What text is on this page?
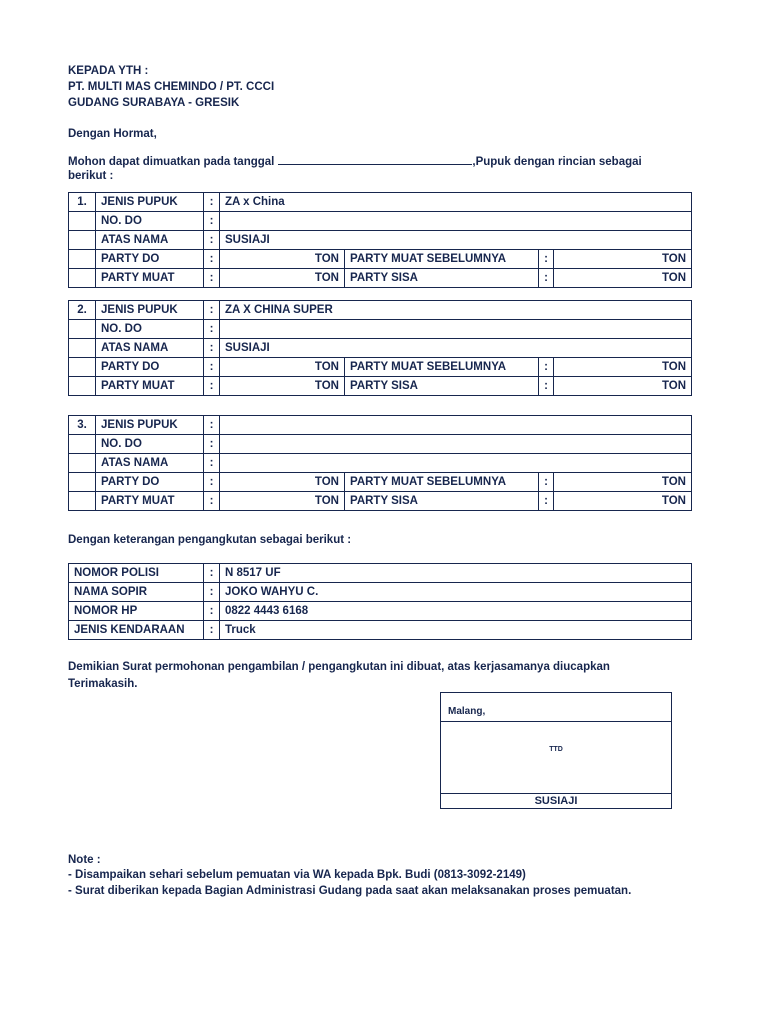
KEPADA YTH :
PT. MULTI MAS CHEMINDO / PT. CCCI
GUDANG SURABAYA - GRESIK
Dengan Hormat,
Mohon dapat dimuatkan pada tanggal	,Pupuk dengan rincian sebagai
berikut :
1.	JENIS PUPUK	:	ZA x China			
	NO. DO	:				
	ATAS NAMA	:	SUSIAJI			
	PARTY DO	:	TON	PARTY MUAT SEBELUMNYA	:	TON
	PARTY MUAT	:	TON	PARTY SISA	:	TON
2.	JENIS PUPUK	:	ZA X CHINA SUPER			
	NO. DO	:				
	ATAS NAMA	:	SUSIAJI			
	PARTY DO	:	TON	PARTY MUAT SEBELUMNYA	:	TON
	PARTY MUAT	:	TON	PARTY SISA	:	TON
3.	JENIS PUPUK	:				
	NO. DO	:				
	ATAS NAMA	:				
	PARTY DO	:	TON	PARTY MUAT SEBELUMNYA	:	TON
	PARTY MUAT	:	TON	PARTY SISA	:	TON
Dengan keterangan pengangkutan sebagai berikut :
NOMOR POLISI	:	N 8517 UF
NAMA SOPIR	:	JOKO WAHYU C.
NOMOR HP	:	0822 4443 6168
JENIS KENDARAAN	:	Truck
Demikian Surat permohonan pengambilan / pengangkutan ini dibuat, atas kerjasamanya diucapkan
Terimakasih.
Malang,
TTD
SUSIAJI
Note :
- Disampaikan sehari sebelum pemuatan via WA kepada Bpk. Budi (0813-3092-2149)
- Surat diberikan kepada Bagian Administrasi Gudang pada saat akan melaksanakan proses pemuatan.
